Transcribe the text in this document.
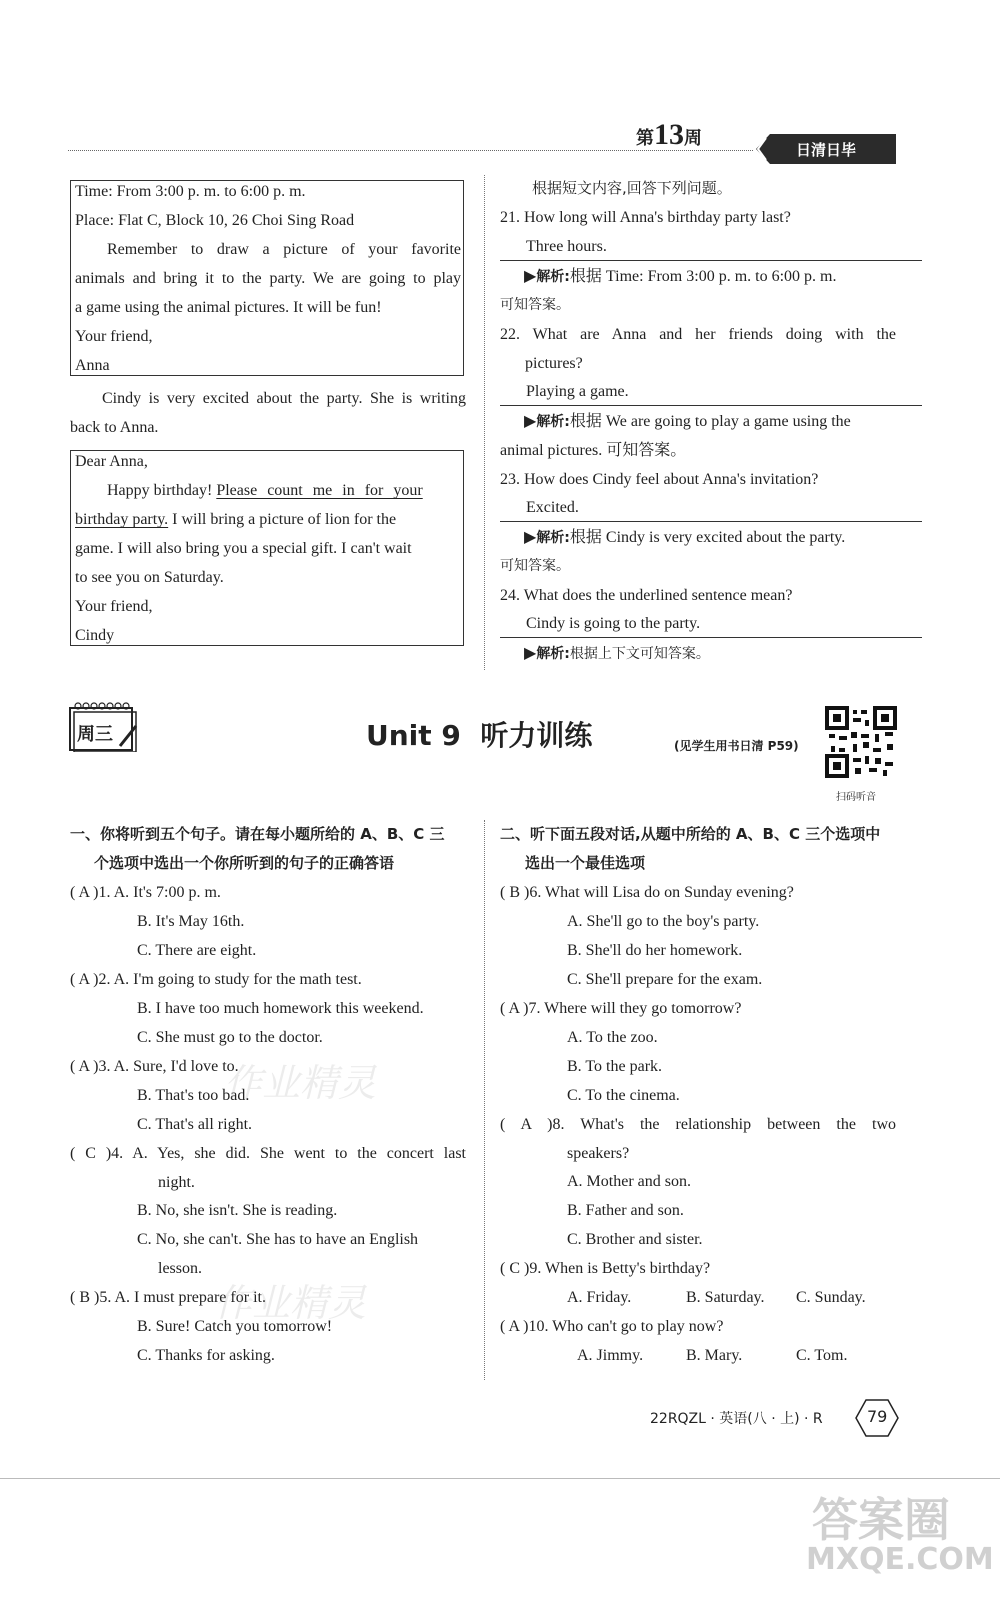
第13周
日清日毕
Time: From 3:00 p. m. to 6:00 p. m.
Place: Flat C, Block 10, 26 Choi Sing Road
Remember to draw a picture of your favorite
animals and bring it to the party. We are going to play
a game using the animal pictures. It will be fun!
Your friend,
Anna
Cindy is very excited about the party. She is writing
back to Anna.
Dear Anna,
Happy birthday! Please count me in for your
birthday party. I will bring a picture of lion for the
game. I will also bring you a special gift. I can't wait
to see you on Saturday.
Your friend,
Cindy
根据短文内容,回答下列问题。
21. How long will Anna's birthday party last?
Three hours.
▶解析:根据 Time: From 3:00 p. m. to 6:00 p. m.
可知答案。
22. What are Anna and her friends doing with the
pictures?
Playing a game.
▶解析:根据 We are going to play a game using the
animal pictures. 可知答案。
23. How does Cindy feel about Anna's invitation?
Excited.
▶解析:根据 Cindy is very excited about the party.
可知答案。
24. What does the underlined sentence mean?
Cindy is going to the party.
▶解析:根据上下文可知答案。
周三	Unit 9  听力训练	(见学生用书日清 P59)
扫码听音
一、你将听到五个句子。请在每小题所给的 A、B、C 三
个选项中选出一个你所听到的句子的正确答语
( A )1. A. It's 7:00 p. m.
B. It's May 16th.
C. There are eight.
( A )2. A. I'm going to study for the math test.
B. I have too much homework this weekend.
C. She must go to the doctor.
( A )3. A. Sure, I'd love to.
B. That's too bad.
C. That's all right.
( C )4. A. Yes, she did. She went to the concert last
night.
B. No, she isn't. She is reading.
C. No, she can't. She has to have an English
lesson.
( B )5. A. I must prepare for it.
B. Sure! Catch you tomorrow!
C. Thanks for asking.
二、听下面五段对话,从题中所给的 A、B、C 三个选项中
选出一个最佳选项
( B )6. What will Lisa do on Sunday evening?
A. She'll go to the boy's party.
B. She'll do her homework.
C. She'll prepare for the exam.
( A )7. Where will they go tomorrow?
A. To the zoo.
B. To the park.
C. To the cinema.
( A )8. What's the relationship between the two
speakers?
A. Mother and son.
B. Father and son.
C. Brother and sister.
( C )9. When is Betty's birthday?
A. Friday.	B. Saturday. C. Sunday.
( A )10. Who can't go to play now?
A. Jimmy.	B. Mary.	C. Tom.
22RQZL · 英语(八 · 上) · R	79
作业精灵
作业精灵
答案圈
MXQE.COM
